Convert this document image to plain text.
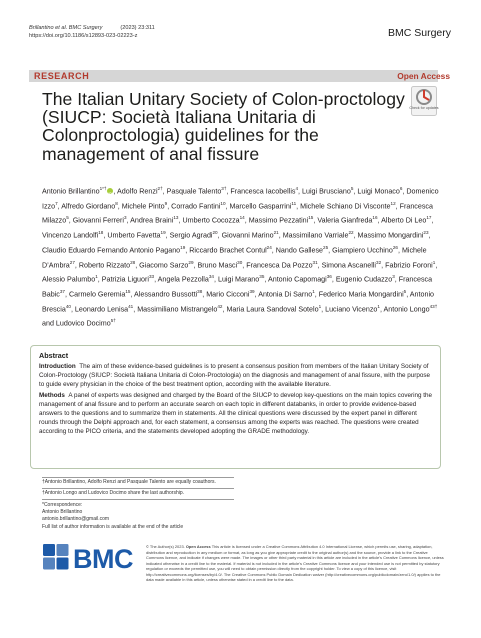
Brillantino et al. BMC Surgery	(2023) 23:311
https://doi.org/10.1186/s12893-023-02223-z	BMC Surgery
RESEARCH	Open Access
Check for updates
The Italian Unitary Society of Colon-proctology (SIUCP: Società Italiana Unitaria di Colonproctologia) guidelines for the management of anal fissure
Antonio Brillantino$^{1*\dagger}$iD , Adolfo Renzi$^{2\dagger}$, Pasquale Talento$^{3\dagger}$, Francesca Iacobellis$^4$, Luigi Brusciano$^5$, Luigi Monaco$^6$, Domenico Izzo$^7$, Alfredo Giordano$^8$, Michele Pinto$^9$, Corrado Fantini$^{10}$, Marcello Gasparrini$^{11}$, Michele Schiano Di Visconte$^{12}$, Francesca Milazzo$^5$, Giovanni Ferreri$^3$, Andrea Braini$^{13}$, Umberto Cocozza$^{14}$, Massimo Pezzatini$^{15}$, Valeria Gianfreda$^{16}$, Alberto Di Leo$^{17}$, Vincenzo Landolfi$^{18}$, Umberto Favetta$^{19}$, Sergio Agradi$^{20}$, Giovanni Marino$^{21}$, Massimilano Varriale$^{22}$, Massimo Mongardini$^{23}$, Claudio Eduardo Fernando Antonio Pagano$^{19}$, Riccardo Brachet Contul$^{24}$, Nando Gallese$^{25}$, Giampiero Ucchino$^{26}$, Michele D’Ambra$^{27}$, Roberto Rizzato$^{28}$, Giacomo Sarzo$^{29}$, Bruno Masci$^{30}$, Francesca Da Pozzo$^{31}$, Simona Ascanelli$^{32}$, Fabrizio Foroni$^1$, Alessio Palumbo$^1$, Patrizia Liguori$^{33}$, Angela Pezzolla$^{34}$, Luigi Marano$^{35}$, Antonio Capomagi$^{36}$, Eugenio Cudazzo$^3$, Francesca Babic$^{37}$, Carmelo Geremia$^{15}$, Alessandro Bussotti$^{38}$, Mario Cicconi$^{39}$, Antonia Di Sarno$^1$, Federico Maria Mongardini$^5$, Antonio Brescia$^{40}$, Leonardo Lenisa$^{41}$, Massimiliano Mistrangelo$^{42}$, Maria Laura Sandoval Sotelo$^1$, Luciano Vicenzo$^1$, Antonio Longo$^{43\dagger}$ and Ludovico Docimo$^{5\dagger}$
Abstract

Introduction The aim of these evidence-based guidelines is to present a consensus position from members of the Italian Unitary Society of Colon-Proctology (SIUCP: Società Italiana Unitaria di Colon-Proctologia) on the diagnosis and management of anal fissure, with the purpose to guide every physician in the choice of the best treatment option, according with the available literature.

Methods A panel of experts was designed and charged by the Board of the SIUCP to develop key-questions on the main topics covering the management of anal fissure and to perform an accurate search on each topic in different databanks, in order to provide evidence-based answers to the questions and to summarize them in statements. All the clinical questions were discussed by the expert panel in different rounds through the Delphi approach and, for each statement, a consensus among the experts was reached. The questions were created according to the PICO criteria, and the statements developed adopting the GRADE methodology.

†Antonio Brillantino, Adolfo Renzi and Pasquale Talento are equally coauthors.
†Antonio Longo and Ludovico Docimo share the last authorship.
*Correspondence:
Antonio Brillantino
antonio.brillantino@gmail.com
Full list of author information is available at the end of the article
BMC	© The Author(s) 2023. Open Access This article is licensed under a Creative Commons Attribution 4.0 International License, which permits use, sharing, adaptation, distribution and reproduction in any medium or format, as long as you give appropriate credit to the original author(s) and the source, provide a link to the Creative Commons licence, and indicate if changes were made. The images or other third party material in this article are included in the article’s Creative Commons licence, unless indicated otherwise in a credit line to the material. If material is not included in the article’s Creative Commons licence and your intended use is not permitted by statutory regulation or exceeds the permitted use, you will need to obtain permission directly from the copyright holder. To view a copy of this licence, visit http://creativecommons.org/licenses/by/4.0/. The Creative Commons Public Domain Dedication waiver (http://creativecommons.org/publicdomain/zero/1.0/) applies to the data made available in this article, unless otherwise stated in a credit line to the data.
